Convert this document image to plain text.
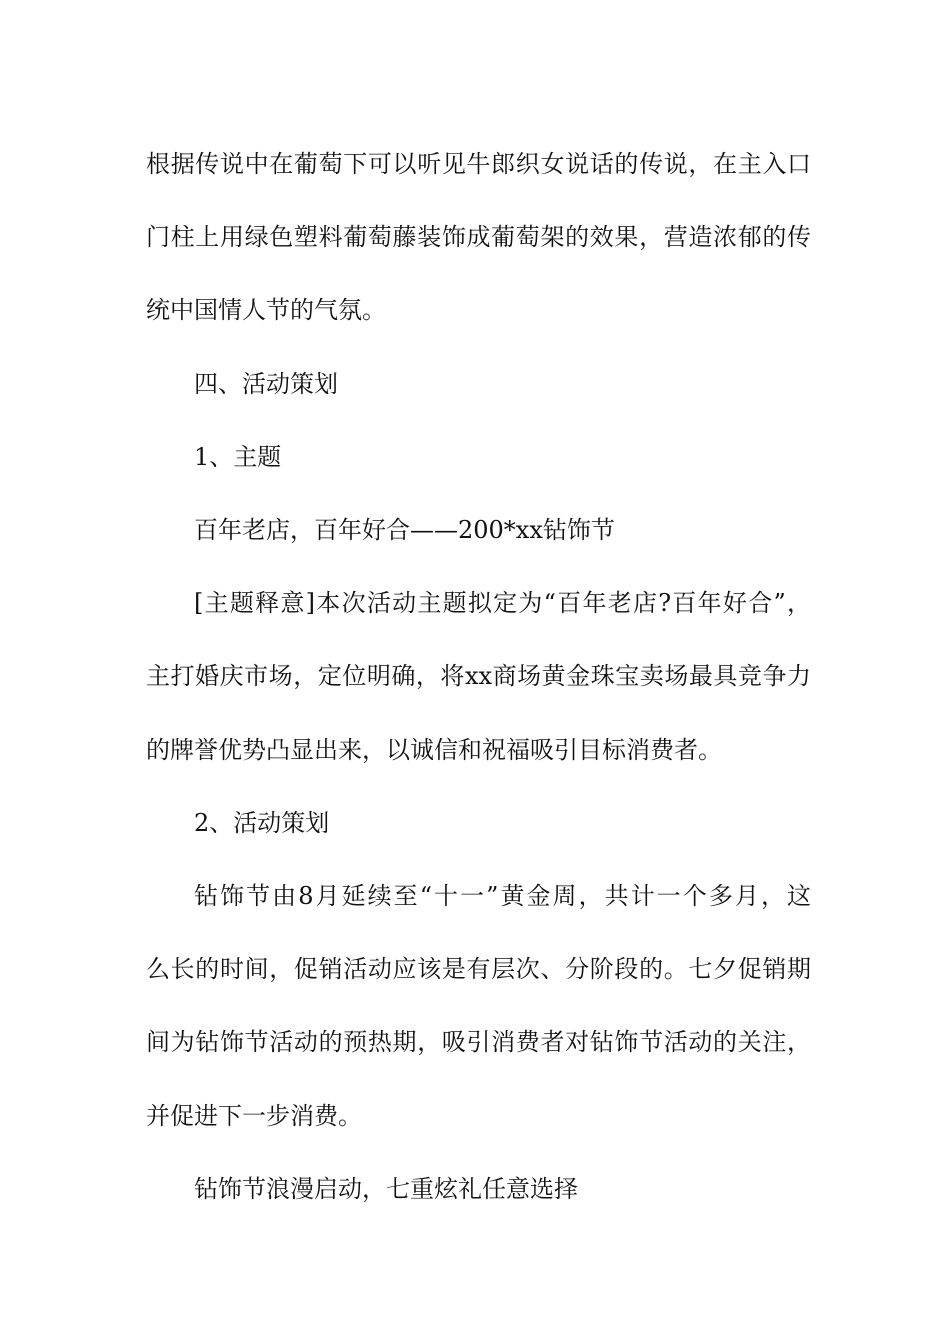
根据传说中在葡萄下可以听见牛郎织女说话的传说，在主入口
门柱上用绿色塑料葡萄藤装饰成葡萄架的效果，营造浓郁的传
统中国情人节的气氛。

四、活动策划

1、主题

百年老店，百年好合——200*xx钻饰节

[主题释意]本次活动主题拟定为“百年老店?百年好合”，
主打婚庆市场，定位明确，将xx商场黄金珠宝卖场最具竞争力
的牌誉优势凸显出来，以诚信和祝福吸引目标消费者。

2、活动策划

钻饰节由8月延续至“十一”黄金周，共计一个多月，这
么长的时间，促销活动应该是有层次、分阶段的。七夕促销期
间为钻饰节活动的预热期，吸引消费者对钻饰节活动的关注，
并促进下一步消费。

钻饰节浪漫启动，七重炫礼任意选择
